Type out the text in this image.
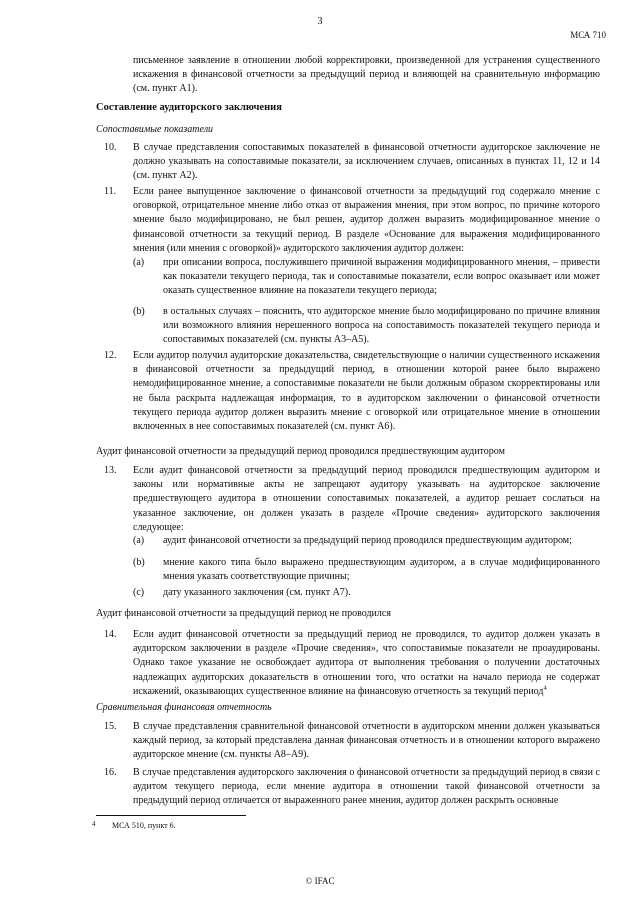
3
МСА 710

письменное заявление в отношении любой корректировки, произведенной для устранения существенного искажения в финансовой отчетности за предыдущий период и влияющей на сравнительную информацию (см. пункт А1).

Составление аудиторского заключения
Сопоставимые показатели
10. В случае представления сопоставимых показателей в финансовой отчетности аудиторское заключение не должно указывать на сопоставимые показатели, за исключением случаев, описанных в пунктах 11, 12 и 14 (см. пункт А2).

11. Если ранее выпущенное заключение о финансовой отчетности за предыдущий год содержало мнение с оговоркой, отрицательное мнение либо отказ от выражения мнения, при этом вопрос, по причине которого мнение было модифицировано, не был решен, аудитор должен выразить модифицированное мнение о финансовой отчетности за текущий период. В разделе «Основание для выражения модифицированного мнения (или мнения с оговоркой)» аудиторского заключения аудитор должен:

(a) при описании вопроса, послужившего причиной выражения модифицированного мнения, – привести как показатели текущего периода, так и сопоставимые показатели, если вопрос оказывает или может оказать существенное влияние на показатели текущего периода;

(b) в остальных случаях – пояснить, что аудиторское мнение было модифицировано по причине влияния или возможного влияния нерешенного вопроса на сопоставимость показателей текущего периода и сопоставимых показателей (см. пункты А3–А5).

12. Если аудитор получил аудиторские доказательства, свидетельствующие о наличии существенного искажения в финансовой отчетности за предыдущий период, в отношении которой ранее было выражено немодифицированное мнение, а сопоставимые показатели не были должным образом скорректированы или не была раскрыта надлежащая информация, то в аудиторском заключении о финансовой отчетности текущего периода аудитор должен выразить мнение с оговоркой или отрицательное мнение в отношении включенных в нее сопоставимых показателей (см. пункт А6).

Аудит финансовой отчетности за предыдущий период проводился предшествующим аудитором
13. Если аудит финансовой отчетности за предыдущий период проводился предшествующим аудитором и законы или нормативные акты не запрещают аудитору указывать на аудиторское заключение предшествующего аудитора в отношении сопоставимых показателей, а аудитор решает сослаться на указанное заключение, он должен указать в разделе «Прочие сведения» аудиторского заключения следующее:

(a) аудит финансовой отчетности за предыдущий период проводился предшествующим аудитором;

(b) мнение какого типа было выражено предшествующим аудитором, а в случае модифицированного мнения указать соответствующие причины;

(c) дату указанного заключения (см. пункт А7).

Аудит финансовой отчетности за предыдущий период не проводился
14. Если аудит финансовой отчетности за предыдущий период не проводился, то аудитор должен указать в аудиторском заключении в разделе «Прочие сведения», что сопоставимые показатели не проаудированы. Однако такое указание не освобождает аудитора от выполнения требования о получении достаточных надлежащих аудиторских доказательств в отношении того, что остатки на начало периода не содержат искажений, оказывающих существенное влияние на финансовую отчетность за текущий период$^4$

Сравнительная финансовая отчетность
15. В случае представления сравнительной финансовой отчетности в аудиторском мнении должен указываться каждый период, за который представлена данная финансовая отчетность и в отношении которого выражено аудиторское мнение (см. пункты А8–А9).

16. В случае представления аудиторского заключения о финансовой отчетности за предыдущий период в связи с аудитом текущего периода, если мнение аудитора в отношении такой финансовой отчетности за предыдущий период отличается от выраженного ранее мнения, аудитор должен раскрыть основные

4 МСА 510, пункт 6.
© IFAC
